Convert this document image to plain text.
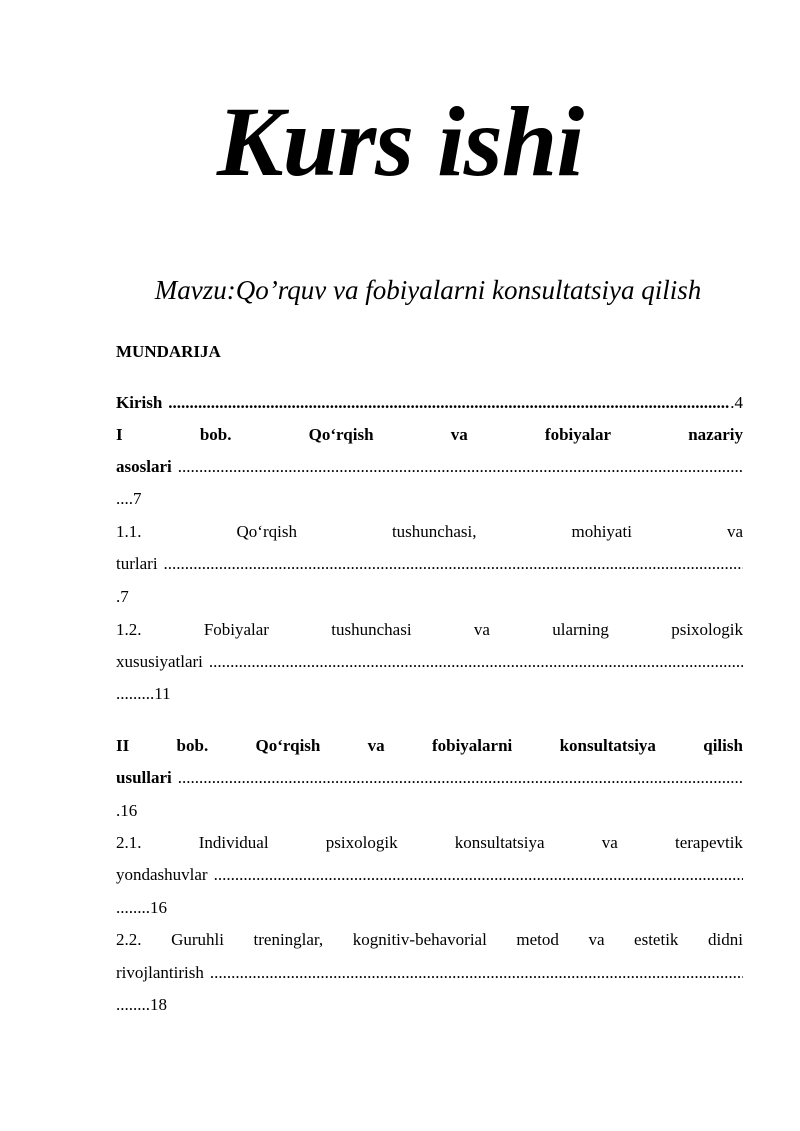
Kurs ishi
Mavzu:Qo’rquv va fobiyalarni konsultatsiya qilish
MUNDARIJA
Kirish .....	.4
I	bob.	Qo‘rqish	va	fobiyalar	nazariy
asoslari
.....
....7
1.1.	Qo‘rqish	tushunchasi,	mohiyati	va
turlari
.....
.7
1.2.	Fobiyalar	tushunchasi	va	ularning	psixologik
xususiyatlari
.....
.........11
II	bob.	Qo‘rqish	va	fobiyalarni	konsultatsiya	qilish
usullari
.....
.16
2.1.	Individual	psixologik	konsultatsiya	va	terapevtik
yondashuvlar
.....
........16
2.2. Guruhli treninglar, kognitiv-behavorial metod va estetik didni
rivojlantirish
.....
........18
